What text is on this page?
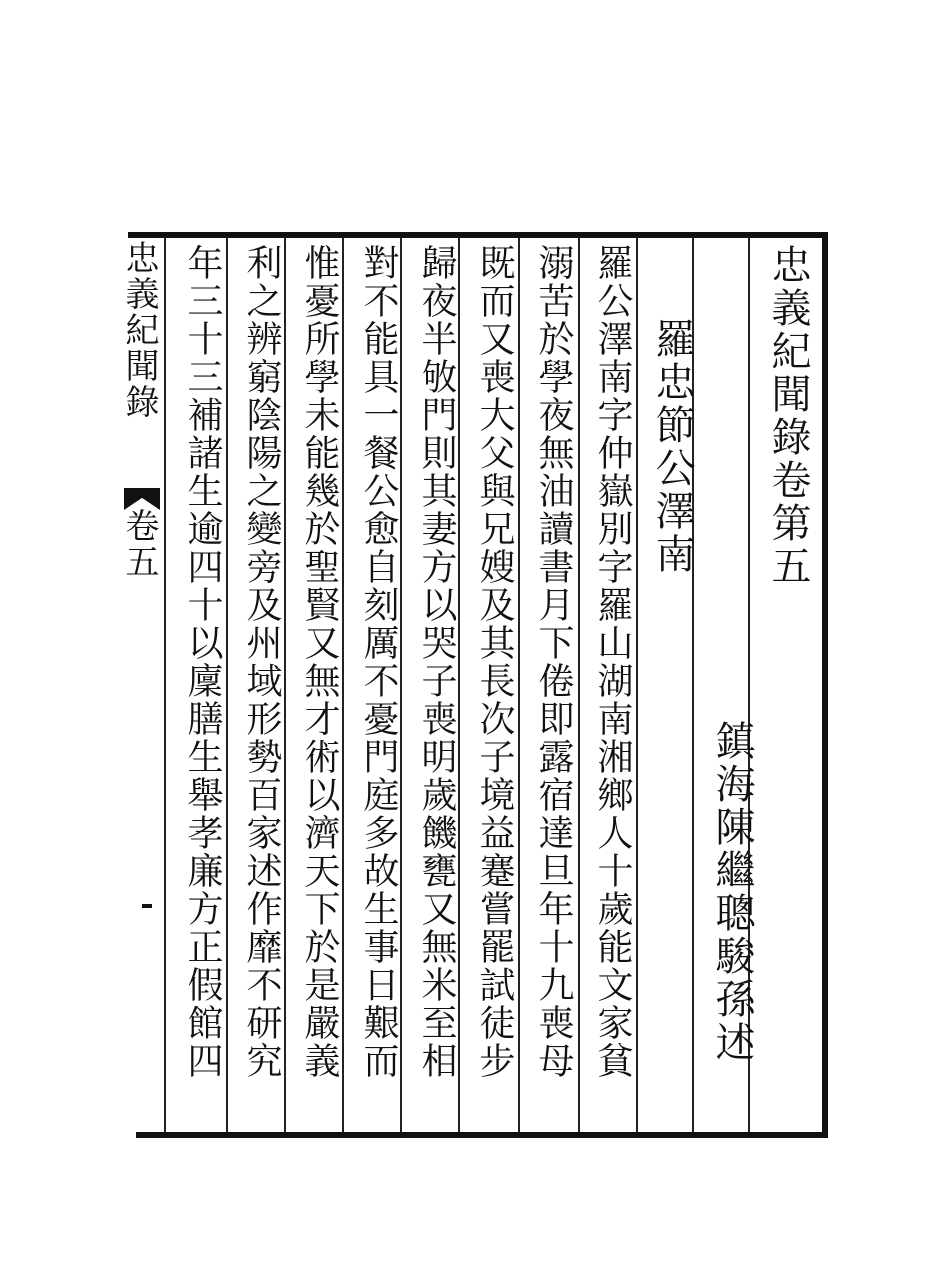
忠義紀聞錄
卷五	忠義紀聞錄卷第五
鎮海陳繼聰駿孫述
羅忠節公澤南
羅公澤南字仲嶽別字羅山湖南湘鄉人十歲能文家貧
溺苦於學夜無油讀書月下倦即露宿達旦年十九喪母
既而又喪大父與兄嫂及其長次子境益蹇嘗罷試徒步
歸夜半敂門則其妻方以哭子喪明歲饑甕又無米至相
對不能具一餐公愈自刻厲不憂門庭多故生事日艱而
惟憂所學未能幾於聖賢又無才術以濟天下於是嚴義
利之辨窮陰陽之變旁及州域形勢百家述作靡不研究
年三十三補諸生逾四十以廩膳生舉孝廉方正假館四
